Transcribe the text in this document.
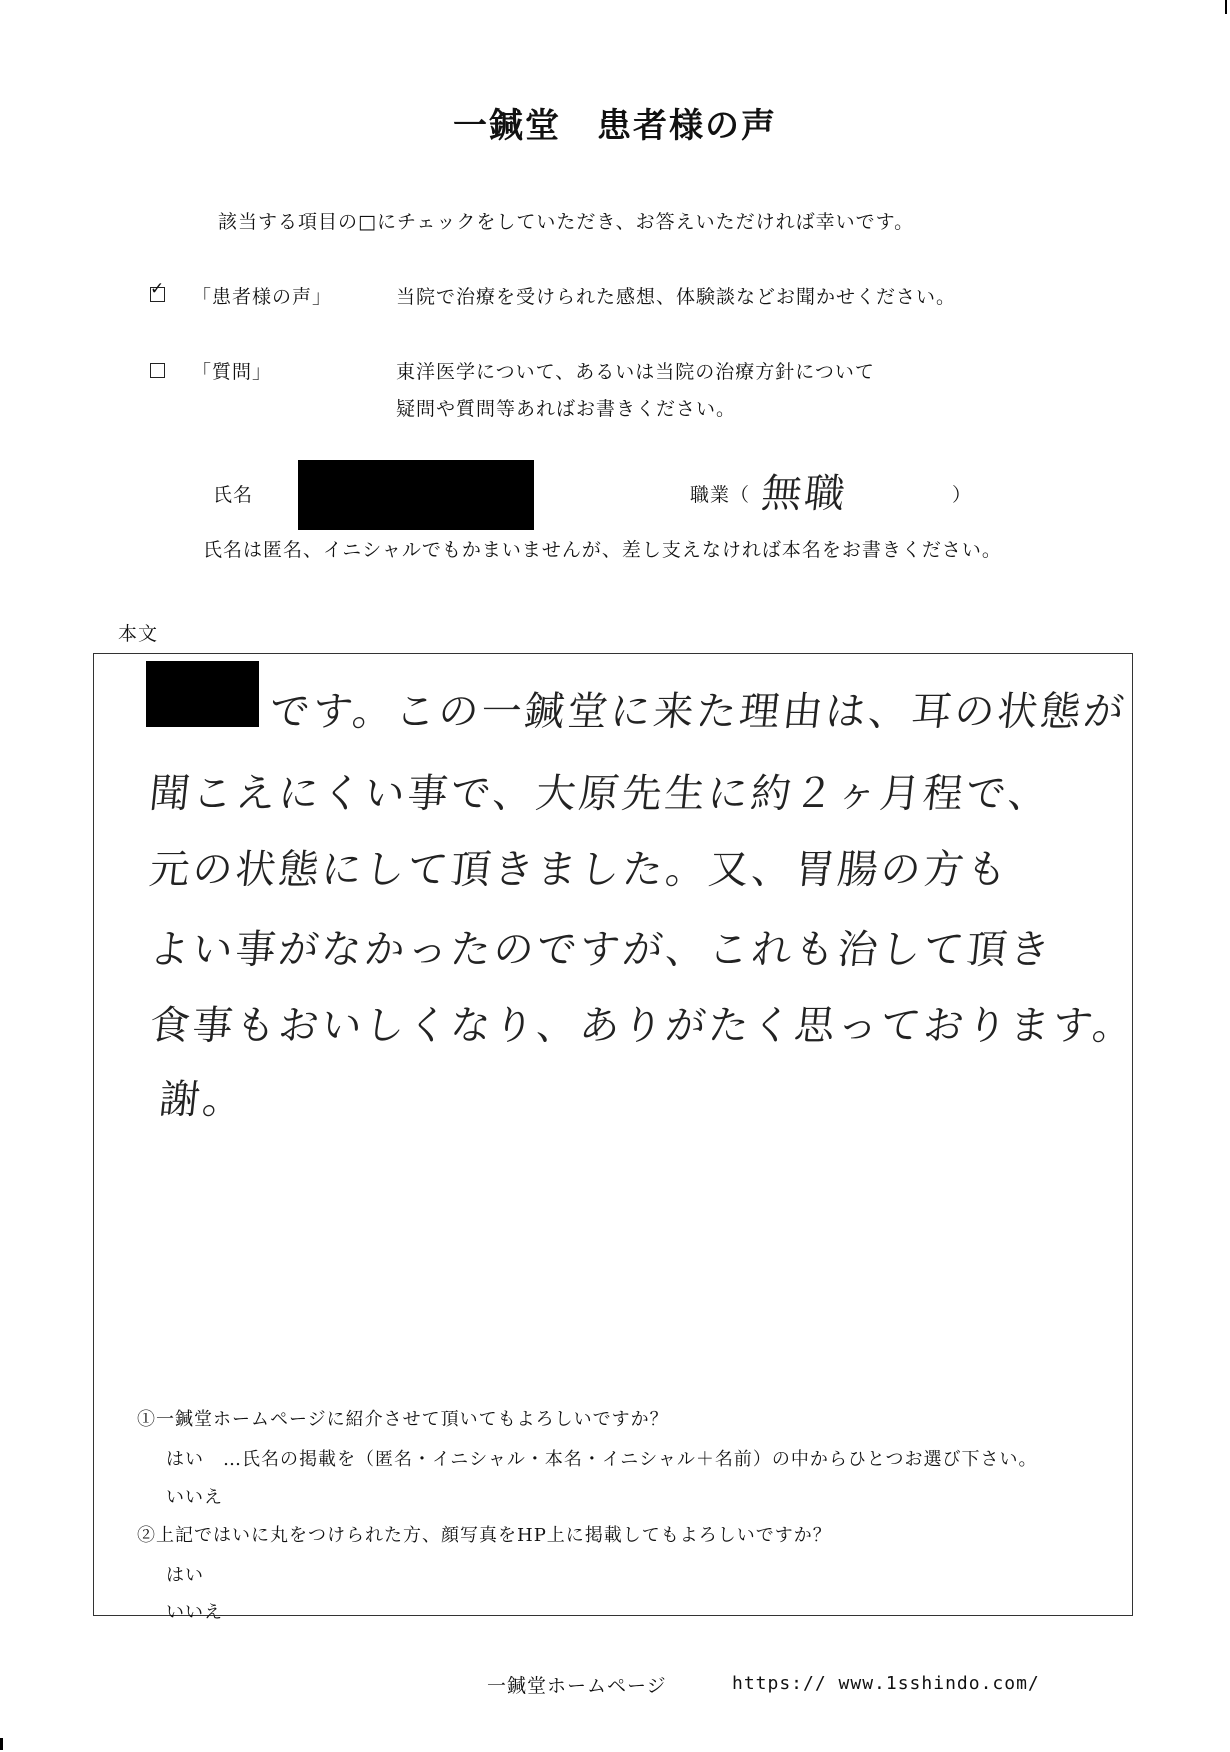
一鍼堂　患者様の声
該当する項目の□にチェックをしていただき、お答えいただければ幸いです。
✓ 「患者様の声」	当院で治療を受けられた感想、体験談などお聞かせください。
「質問」	東洋医学について、あるいは当院の治療方針について
疑問や質問等あればお書きください。
氏名	職業（ 無職	）
氏名は匿名、イニシャルでもかまいませんが、差し支えなければ本名をお書きください。
本文
です。この一鍼堂に来た理由は、耳の状態が
聞こえにくい事で、大原先生に約２ヶ月程で、
元の状態にして頂きました。又、胃腸の方も
よい事がなかったのですが、これも治して頂き
食事もおいしくなり、ありがたく思っております。
謝。
①一鍼堂ホームページに紹介させて頂いてもよろしいですか？
はい　…氏名の掲載を（匿名・イニシャル・本名・イニシャル＋名前）の中からひとつお選び下さい。
いいえ
②上記ではいに丸をつけられた方、顔写真をHP上に掲載してもよろしいですか？
はい
いいえ
一鍼堂ホームページ	https:// www.1sshindo.com/
